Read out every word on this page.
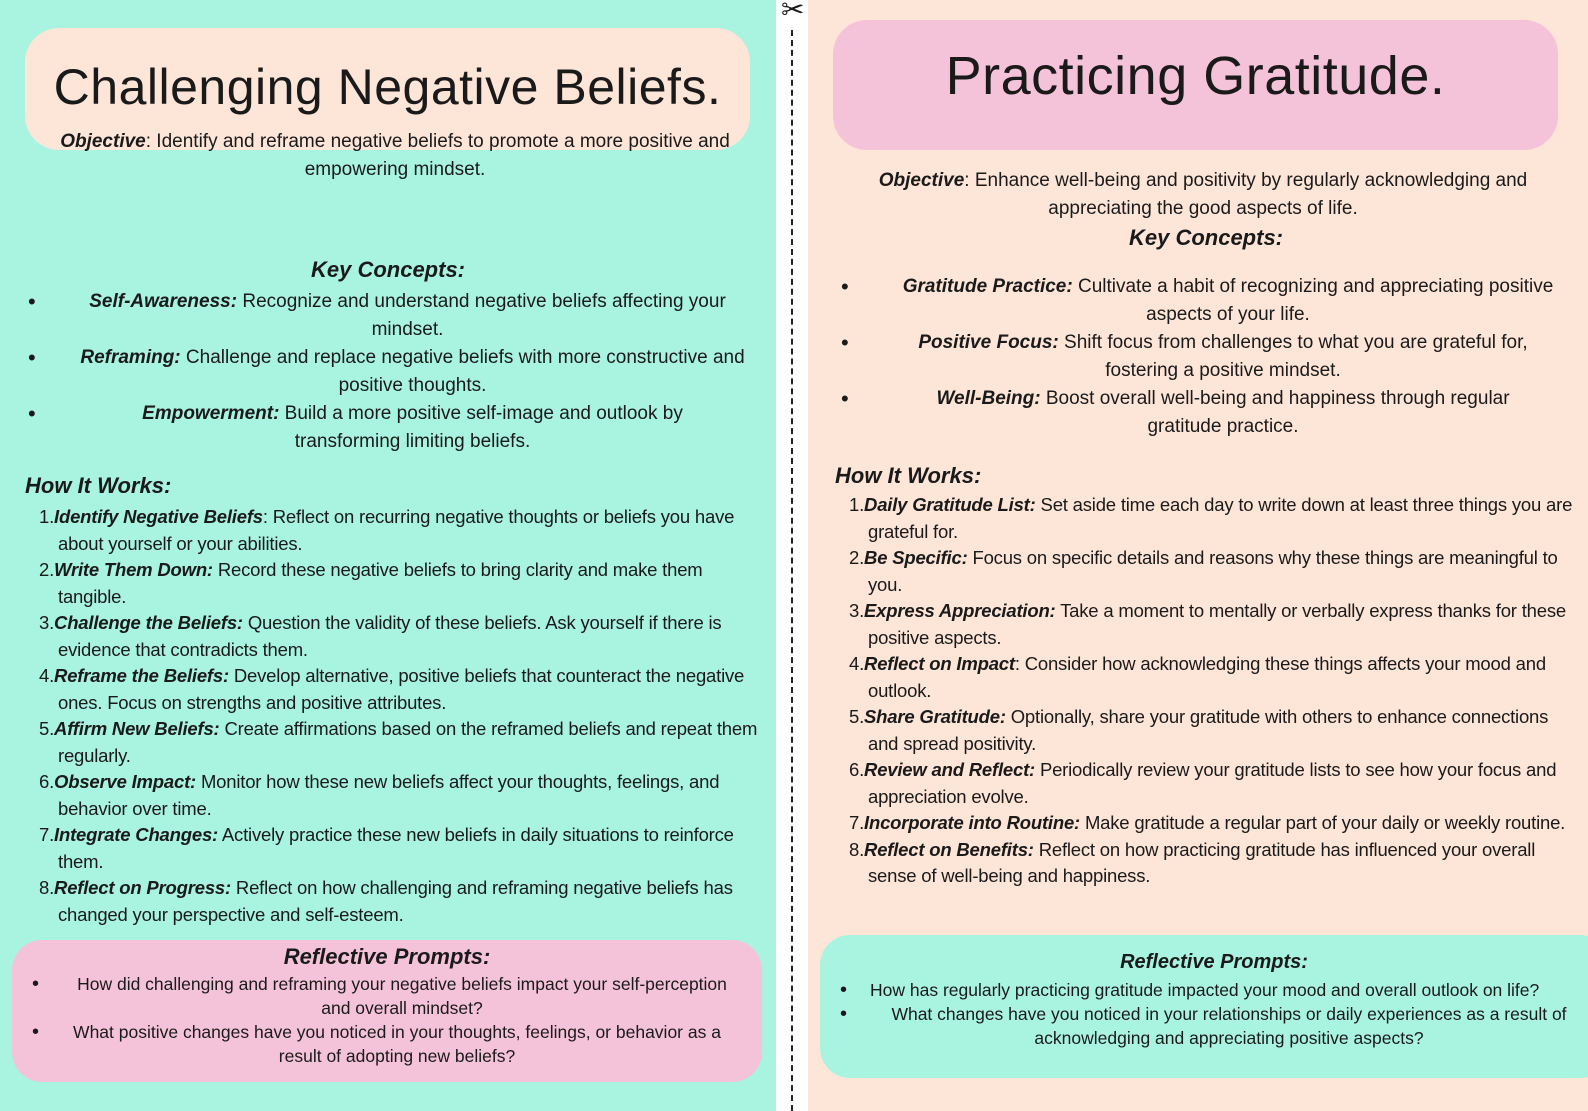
Challenging Negative Beliefs.

Objective: Identify and reframe negative beliefs to promote a more positive and empowering mindset.

Key Concepts:
•	Self-Awareness: Recognize and understand negative beliefs affecting your mindset.
• Reframing: Challenge and replace negative beliefs with more constructive and positive thoughts.
•	Empowerment: Build a more positive self-image and outlook by transforming limiting beliefs.
How It Works:
1.Identify Negative Beliefs: Reflect on recurring negative thoughts or beliefs you have about yourself or your abilities.
2.Write Them Down: Record these negative beliefs to bring clarity and make them tangible.
3.Challenge the Beliefs: Question the validity of these beliefs. Ask yourself if there is evidence that contradicts them.
4.Reframe the Beliefs: Develop alternative, positive beliefs that counteract the negative ones. Focus on strengths and positive attributes.
5.Affirm New Beliefs: Create affirmations based on the reframed beliefs and repeat them regularly.
6.Observe Impact: Monitor how these new beliefs affect your thoughts, feelings, and behavior over time.
7.Integrate Changes: Actively practice these new beliefs in daily situations to reinforce them.
8.Reflect on Progress: Reflect on how challenging and reframing negative beliefs has changed your perspective and self-esteem.
Reflective Prompts:
• How did challenging and reframing your negative beliefs impact your self-perception and overall mindset?
• What positive changes have you noticed in your thoughts, feelings, or behavior as a result of adopting new beliefs?
✂
Practicing Gratitude.

Objective: Enhance well-being and positivity by regularly acknowledging and appreciating the good aspects of life.

Key Concepts:
•	Gratitude Practice: Cultivate a habit of recognizing and appreciating positive aspects of your life.
•	Positive Focus: Shift focus from challenges to what you are grateful for, fostering a positive mindset.
•	Well-Being: Boost overall well-being and happiness through regular gratitude practice.
How It Works:
1.Daily Gratitude List: Set aside time each day to write down at least three things you are grateful for.
2.Be Specific: Focus on specific details and reasons why these things are meaningful to you.
3.Express Appreciation: Take a moment to mentally or verbally express thanks for these positive aspects.
4.Reflect on Impact: Consider how acknowledging these things affects your mood and outlook.
5.Share Gratitude: Optionally, share your gratitude with others to enhance connections and spread positivity.
6.Review and Reflect: Periodically review your gratitude lists to see how your focus and appreciation evolve.
7.Incorporate into Routine: Make gratitude a regular part of your daily or weekly routine.
8.Reflect on Benefits: Reflect on how practicing gratitude has influenced your overall sense of well-being and happiness.
Reflective Prompts:
• How has regularly practicing gratitude impacted your mood and overall outlook on life?
•	What changes have you noticed in your relationships or daily experiences as a result of acknowledging and appreciating positive aspects?
